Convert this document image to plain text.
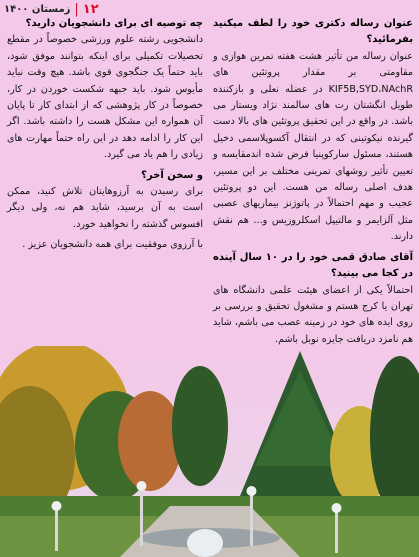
۱۲
|
زمستان ۱۴۰۰

عنوان رساله دکتری خود را لطف میکنید بفرمائید؟

عنوان رساله من تأثیر هشت هفته تمرین هوازی و مقاومتی بر مقدار پروتئین های KIF5B,SYD،NAchR در عضله نعلی و بازکننده طویل انگشتان رت های سالمند نژاد ویستار می باشد. در واقع در این تحقیق پروتئین های بالا دست گیرنده نیکوتینی که در انتقال آکسوپلاسمی دخیل هستند، مسئول سارکوپنیا فرض شده اندمقایسه و تعیین تأثیر روشهای تمرینی مختلف بر این مسیر، هدف اصلی رساله من هست. این دو پروتئین عجیب و مهم احتمالاً در پاتوژنز بیماریهای عصبی مثل آلزایمر و مالتیپل اسکلروزیس و... هم نقش دارند.

آقای صادق قمی خود را در ۱۰ سال آینده در کجا می بینید؟

احتمالاً یکی از اعضای هیئت علمی دانشگاه های تهران یا کرج هستم و مشغول تحقیق و بررسی بر روی ایده های خود در زمینه عصب می باشم، شاید هم نامزد دریافت جایزه نوبل باشم.

چه توصیه ای برای دانشجویان دارید؟

دانشجویی رشته علوم ورزشی خصوصاً در مقطع تحصیلات تکمیلی برای اینکه بتوانند موفق شود، باید حتماً یک جنگجوی قوی باشد. هیچ وقت نباید مأیوس شود. باید جبهه شکست خوردن در کار، خصوصاً در کار پژوهشی که از ابتدای کار تا پایان آن همواره این مشکل هست را داشته باشد. اگر این کار را ادامه دهد در این راه حتماً مهارت های زیادی را هم یاد می گیرد.

و سخن آخر؟

برای رسیدن به آرزوهایتان تلاش کنید، ممکن است به آن برسید، شاید هم نه، ولی دیگر افسوس گذشته را نخواهید خورد.

با آرزوی موفقیت برای همه دانشجویان عزیز .
